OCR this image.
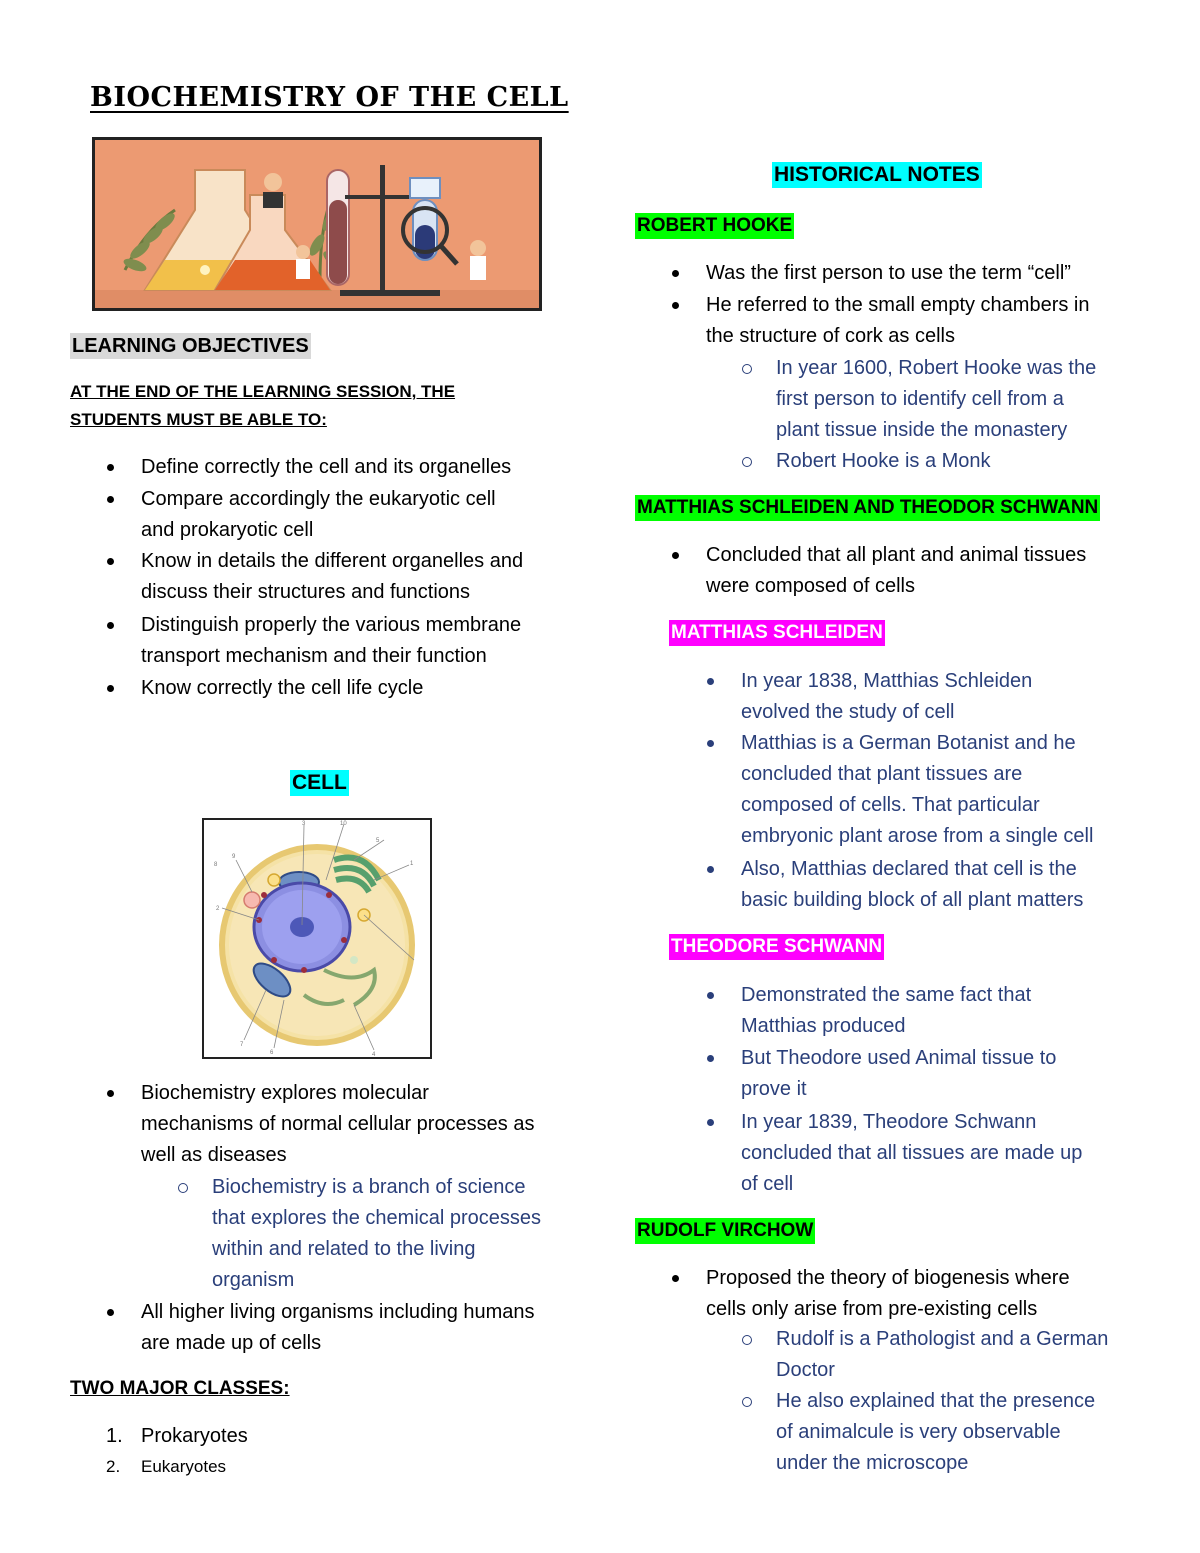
BIOCHEMISTRY OF THE CELL
LEARNING OBJECTIVES
AT THE END OF THE LEARNING SESSION, THE
STUDENTS MUST BE ABLE TO:
Define correctly the cell and its organelles
Compare accordingly the eukaryotic cell
and prokaryotic cell
Know in details the different organelles and
discuss their structures and functions
Distinguish properly the various membrane
transport mechanism and their function
Know correctly the cell life cycle
CELL
9
2
3	10
1
5
7
6	4
8
Biochemistry explores molecular
mechanisms of normal cellular processes as
well as diseases
Biochemistry is a branch of science
that explores the chemical processes
within and related to the living
organism
All higher living organisms including humans
are made up of cells
TWO MAJOR CLASSES:
1. Prokaryotes
2. Eukaryotes
HISTORICAL NOTES
ROBERT HOOKE
Was the first person to use the term “cell”
He referred to the small empty chambers in
the structure of cork as cells
In year 1600, Robert Hooke was the
first person to identify cell from a
plant tissue inside the monastery
Robert Hooke is a Monk
MATTHIAS SCHLEIDEN AND THEODOR SCHWANN
Concluded that all plant and animal tissues
were composed of cells
MATTHIAS SCHLEIDEN
In year 1838, Matthias Schleiden
evolved the study of cell
Matthias is a German Botanist and he
concluded that plant tissues are
composed of cells. That particular
embryonic plant arose from a single cell
Also, Matthias declared that cell is the
basic building block of all plant matters
THEODORE SCHWANN
Demonstrated the same fact that
Matthias produced
But Theodore used Animal tissue to
prove it
In year 1839, Theodore Schwann
concluded that all tissues are made up
of cell
RUDOLF VIRCHOW
Proposed the theory of biogenesis where
cells only arise from pre-existing cells
Rudolf is a Pathologist and a German
Doctor
He also explained that the presence
of animalcule is very observable
under the microscope
